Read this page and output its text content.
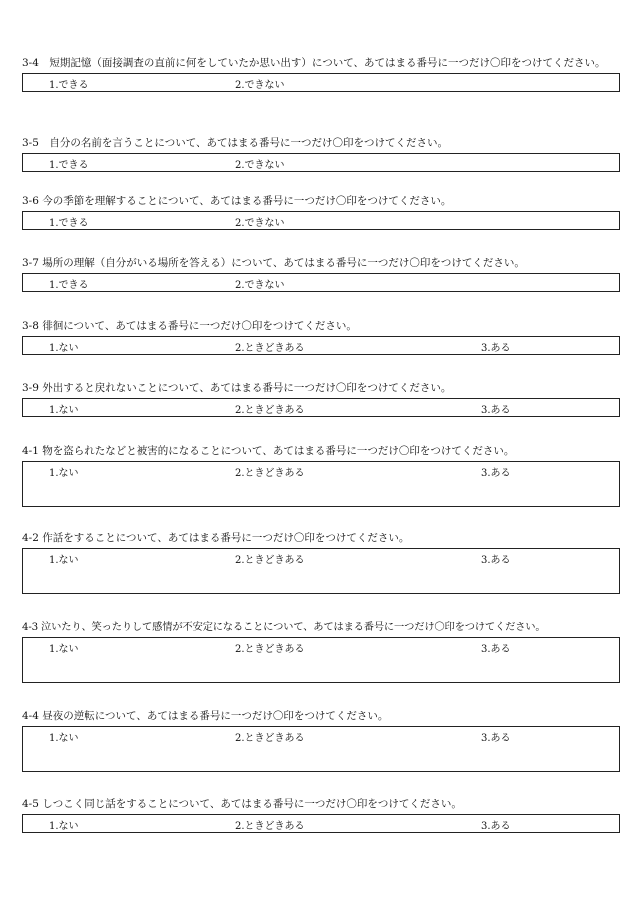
3-4　短期記憶（面接調査の直前に何をしていたか思い出す）について、あてはまる番号に一つだけ〇印をつけてください。
1.できる	2.できない
3-5　自分の名前を言うことについて、あてはまる番号に一つだけ〇印をつけてください。
1.できる	2.できない
3-6 今の季節を理解することについて、あてはまる番号に一つだけ〇印をつけてください。
1.できる	2.できない
3-7 場所の理解（自分がいる場所を答える）について、あてはまる番号に一つだけ〇印をつけてください。
1.できる	2.できない
3-8 徘徊について、あてはまる番号に一つだけ〇印をつけてください。
1.ない	2.ときどきある	3.ある
3-9 外出すると戻れないことについて、あてはまる番号に一つだけ〇印をつけてください。
1.ない	2.ときどきある	3.ある
4-1 物を盗られたなどと被害的になることについて、あてはまる番号に一つだけ〇印をつけてください。
1.ない	2.ときどきある	3.ある
4-2 作話をすることについて、あてはまる番号に一つだけ〇印をつけてください。
1.ない	2.ときどきある	3.ある
4-3 泣いたり、笑ったりして感情が不安定になることについて、あてはまる番号に一つだけ〇印をつけてください。
1.ない	2.ときどきある	3.ある
4-4 昼夜の逆転について、あてはまる番号に一つだけ〇印をつけてください。
1.ない	2.ときどきある	3.ある
4-5 しつこく同じ話をすることについて、あてはまる番号に一つだけ〇印をつけてください。
1.ない	2.ときどきある	3.ある
